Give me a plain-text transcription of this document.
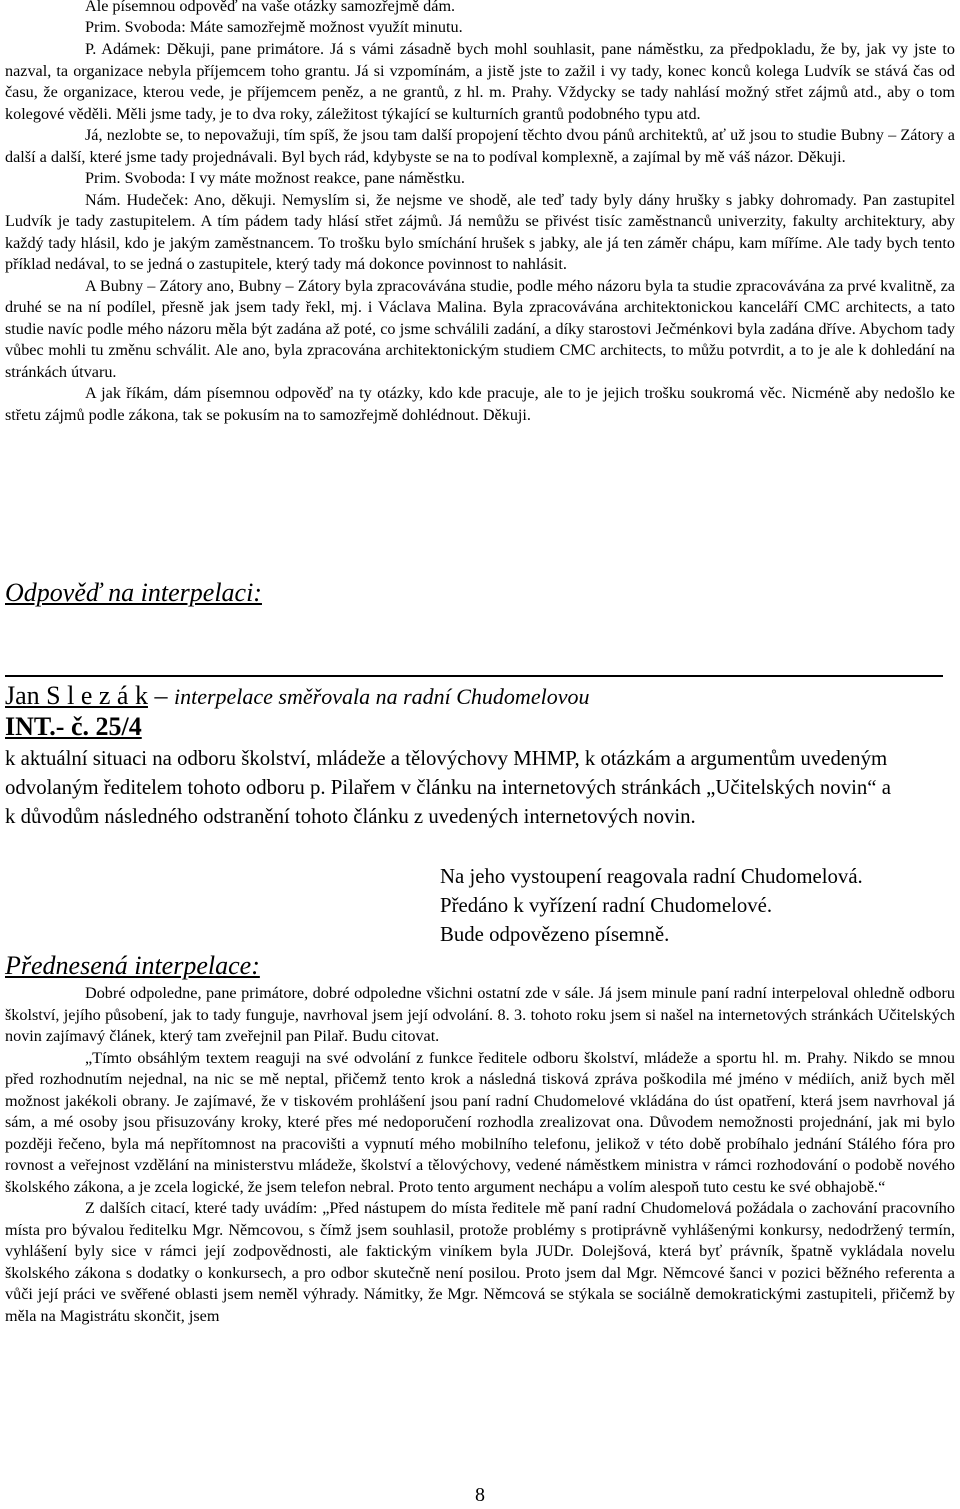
Ale písemnou odpověď na vaše otázky samozřejmě dám.

Prim. Svoboda: Máte samozřejmě možnost využít minutu.

P. Adámek: Děkuji, pane primátore. Já s vámi zásadně bych mohl souhlasit, pane náměstku, za předpokladu, že by, jak vy jste to nazval, ta organizace nebyla příjemcem toho grantu. Já si vzpomínám, a jistě jste to zažil i vy tady, konec konců kolega Ludvík se stává čas od času, že organizace, kterou vede, je příjemcem peněz, a ne grantů, z hl. m. Prahy. Vždycky se tady nahlásí možný střet zájmů atd., aby o tom kolegové věděli. Měli jsme tady, je to dva roky, záležitost týkající se kulturních grantů podobného typu atd.

Já, nezlobte se, to nepovažuji, tím spíš, že jsou tam další propojení těchto dvou pánů architektů, ať už jsou to studie Bubny – Zátory a další a další, které jsme tady projednávali. Byl bych rád, kdybyste se na to podíval komplexně, a zajímal by mě váš názor. Děkuji.

Prim. Svoboda: I vy máte možnost reakce, pane náměstku.

Nám. Hudeček: Ano, děkuji. Nemyslím si, že nejsme ve shodě, ale teď tady byly dány hrušky s jabky dohromady. Pan zastupitel Ludvík je tady zastupitelem. A tím pádem tady hlásí střet zájmů. Já nemůžu se přivést tisíc zaměstnanců univerzity, fakulty architektury, aby každý tady hlásil, kdo je jakým zaměstnancem. To trošku bylo smíchání hrušek s jabky, ale já ten záměr chápu, kam míříme. Ale tady bych tento příklad nedával, to se jedná o zastupitele, který tady má dokonce povinnost to nahlásit.

A Bubny – Zátory ano, Bubny – Zátory byla zpracovávána studie, podle mého názoru byla ta studie zpracovávána za prvé kvalitně, za druhé se na ní podílel, přesně jak jsem tady řekl, mj. i Václava Malina. Byla zpracovávána architektonickou kanceláří CMC architects, a tato studie navíc podle mého názoru měla být zadána až poté, co jsme schválili zadání, a díky starostovi Ječménkovi byla zadána dříve. Abychom tady vůbec mohli tu změnu schválit. Ale ano, byla zpracována architektonickým studiem CMC architects, to můžu potvrdit, a to je ale k dohledání na stránkách útvaru.

A jak říkám, dám písemnou odpověď na ty otázky, kdo kde pracuje, ale to je jejich trošku soukromá věc. Nicméně aby nedošlo ke střetu zájmů podle zákona, tak se pokusím na to samozřejmě dohlédnout. Děkuji.

Odpověď na interpelaci:

Jan S l e z á k – interpelace směřovala na radní Chudomelovou

INT.- č. 25/4

k aktuální situaci na odboru školství, mládeže a tělovýchovy MHMP, k otázkám a argumentům uvedeným odvolaným ředitelem tohoto odboru p. Pilařem v článku na internetových stránkách „Učitelských novin“ a k důvodům následného odstranění tohoto článku z uvedených internetových novin.

Na jeho vystoupení reagovala radní Chudomelová.

Předáno k vyřízení radní Chudomelové.

Bude odpovězeno písemně.

Přednesená interpelace:

Dobré odpoledne, pane primátore, dobré odpoledne všichni ostatní zde v sále. Já jsem minule paní radní interpeloval ohledně odboru školství, jejího působení, jak to tady funguje, navrhoval jsem její odvolání. 8. 3. tohoto roku jsem si našel na internetových stránkách Učitelských novin zajímavý článek, který tam zveřejnil pan Pilař. Budu citovat.

„Tímto obsáhlým textem reaguji na své odvolání z funkce ředitele odboru školství, mládeže a sportu hl. m. Prahy. Nikdo se mnou před rozhodnutím nejednal, na nic se mě neptal, přičemž tento krok a následná tisková zpráva poškodila mé jméno v médiích, aniž bych měl možnost jakékoli obrany. Je zajímavé, že v tiskovém prohlášení jsou paní radní Chudomelové vkládána do úst opatření, která jsem navrhoval já sám, a mé osoby jsou přisuzovány kroky, které přes mé nedoporučení rozhodla zrealizovat ona. Důvodem nemožnosti projednání, jak mi bylo později řečeno, byla má nepřítomnost na pracovišti a vypnutí mého mobilního telefonu, jelikož v této době probíhalo jednání Stálého fóra pro rovnost a veřejnost vzdělání na ministerstvu mládeže, školství a tělovýchovy, vedené náměstkem ministra v rámci rozhodování o podobě nového školského zákona, a je zcela logické, že jsem telefon nebral. Proto tento argument nechápu a volím alespoň tuto cestu ke své obhajobě.“

Z dalších citací, které tady uvádím: „Před nástupem do místa ředitele mě paní radní Chudomelová požádala o zachování pracovního místa pro bývalou ředitelku Mgr. Němcovou, s čímž jsem souhlasil, protože problémy s protiprávně vyhlášenými konkursy, nedodržený termín, vyhlášení byly sice v rámci její zodpovědnosti, ale faktickým viníkem byla JUDr. Dolejšová, která byť právník, špatně vykládala novelu školského zákona s dodatky o konkursech, a pro odbor skutečně není posilou. Proto jsem dal Mgr. Němcové šanci v pozici běžného referenta a vůči její práci ve svěřené oblasti jsem neměl výhrady. Námitky, že Mgr. Němcová se stýkala se sociálně demokratickými zastupiteli, přičemž by měla na Magistrátu skončit, jsem

8
